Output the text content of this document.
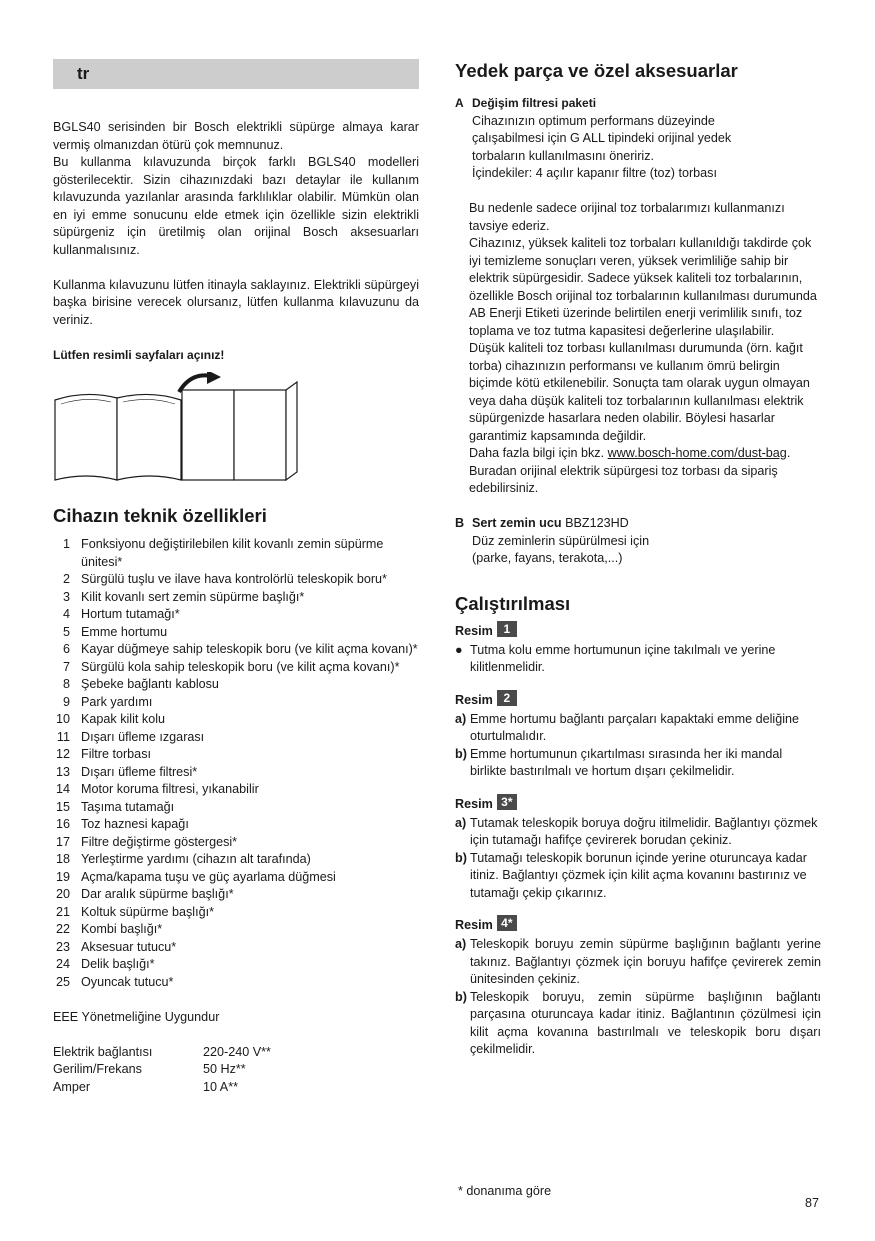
tr

BGLS40 serisinden bir Bosch elektrikli süpürge almaya karar vermiş olmanızdan ötürü çok memnunuz.

Bu kullanma kılavuzunda birçok farklı BGLS40 modelleri gösterilecektir. Sizin cihazınızdaki bazı detaylar ile kullanım kılavuzunda yazılanlar arasında farklılıklar olabilir. Mümkün olan en iyi emme sonucunu elde etmek için özellikle sizin elektrikli süpürgeniz için üretilmiş olan orijinal Bosch aksesuarları kullanmalısınız.

Kullanma kılavuzunu lütfen itinayla saklayınız. Elektrikli süpürgeyi başka birisine verecek olursanız, lütfen kullanma kılavuzunu da veriniz.

Lütfen resimli sayfaları açınız!

Cihazın teknik özellikleri
1 Fonksiyonu değiştirilebilen kilit kovanlı zemin süpürme ünitesi*
2 Sürgülü tuşlu ve ilave hava kontrolörlü teleskopik boru*
3 Kilit kovanlı sert zemin süpürme başlığı*
4 Hortum tutamağı*
5 Emme hortumu
6 Kayar düğmeye sahip teleskopik boru (ve kilit açma kovanı)*
7 Sürgülü kola sahip teleskopik boru (ve kilit açma kovanı)*
8 Şebeke bağlantı kablosu
9 Park yardımı
10 Kapak kilit kolu
11 Dışarı üfleme ızgarası
12 Filtre torbası
13 Dışarı üfleme filtresi*
14 Motor koruma filtresi, yıkanabilir
15 Taşıma tutamağı
16 Toz haznesi kapağı
17 Filtre değiştirme göstergesi*
18 Yerleştirme yardımı (cihazın alt tarafında)
19 Açma/kapama tuşu ve güç ayarlama düğmesi
20 Dar aralık süpürme başlığı*
21 Koltuk süpürme başlığı*
22 Kombi başlığı*
23 Aksesuar tutucu*
24 Delik başlığı*
25 Oyuncak tutucu*

EEE Yönetmeliğine Uygundur

Elektrik bağlantısı	220-240 V**
Gerilim/Frekans	50 Hz**
Amper	10 A**
Yedek parça ve özel aksesuarlar
A Değişim filtresi paketi

Cihazınızın optimum performans düzeyinde

çalışabilmesi için G ALL tipindeki orijinal yedek

torbaların kullanılmasını öneririz.

İçindekiler: 4 açılır kapanır filtre (toz) torbası

Bu nedenle sadece orijinal toz torbalarımızı kullanmanızı tavsiye ederiz.

Cihazınız, yüksek kaliteli toz torbaları kullanıldığı takdirde çok iyi temizleme sonuçları veren, yüksek verimliliğe sahip bir elektrik süpürgesidir. Sadece yüksek kaliteli toz torbalarının, özellikle Bosch orijinal toz torbalarının kullanılması durumunda AB Enerji Etiketi üzerinde belirtilen enerji verimlilik sınıfı, toz toplama ve toz tutma kapasitesi değerlerine ulaşılabilir.

Düşük kaliteli toz torbası kullanılması durumunda (örn. kağıt torba) cihazınızın performansı ve kullanım ömrü belirgin biçimde kötü etkilenebilir. Sonuçta tam olarak uygun olmayan veya daha düşük kaliteli toz torbalarının kullanılması elektrik süpürgenizde hasarlara neden olabilir. Böylesi hasarlar garantimiz kapsamında değildir.

Daha fazla bilgi için bkz. www.bosch-home.com/dust-bag. Buradan orijinal elektrik süpürgesi toz torbası da sipariş edebilirsiniz.

B Sert zemin ucu BBZ123HD

Düz zeminlerin süpürülmesi için

(parke, fayans, terakota,...)

Çalıştırılması
Resim 1
● Tutma kolu emme hortumunun içine takılmalı ve yerine kilitlenmelidir.
Resim 2
a) Emme hortumu bağlantı parçaları kapaktaki emme deliğine oturtulmalıdır.
b) Emme hortumunun çıkartılması sırasında her iki mandal birlikte bastırılmalı ve hortum dışarı çekilmelidir.
Resim 3*
a) Tutamak teleskopik boruya doğru itilmelidir. Bağlantıyı çözmek için tutamağı hafifçe çevirerek borudan çekiniz.
b) Tutamağı teleskopik borunun içinde yerine oturuncaya kadar itiniz. Bağlantıyı çözmek için kilit açma kovanını bastırınız ve tutamağı çekip çıkarınız.
Resim 4*
a) Teleskopik boruyu zemin süpürme başlığının bağlantı yerine takınız. Bağlantıyı çözmek için boruyu hafifçe çevirerek zemin ünitesinden çekiniz.
b) Teleskopik boruyu, zemin süpürme başlığının bağlantı parçasına oturuncaya kadar itiniz. Bağlantının çözülmesi için kilit açma kovanına bastırılmalı ve teleskopik boru dışarı çekilmelidir.
* donanıma göre
87
